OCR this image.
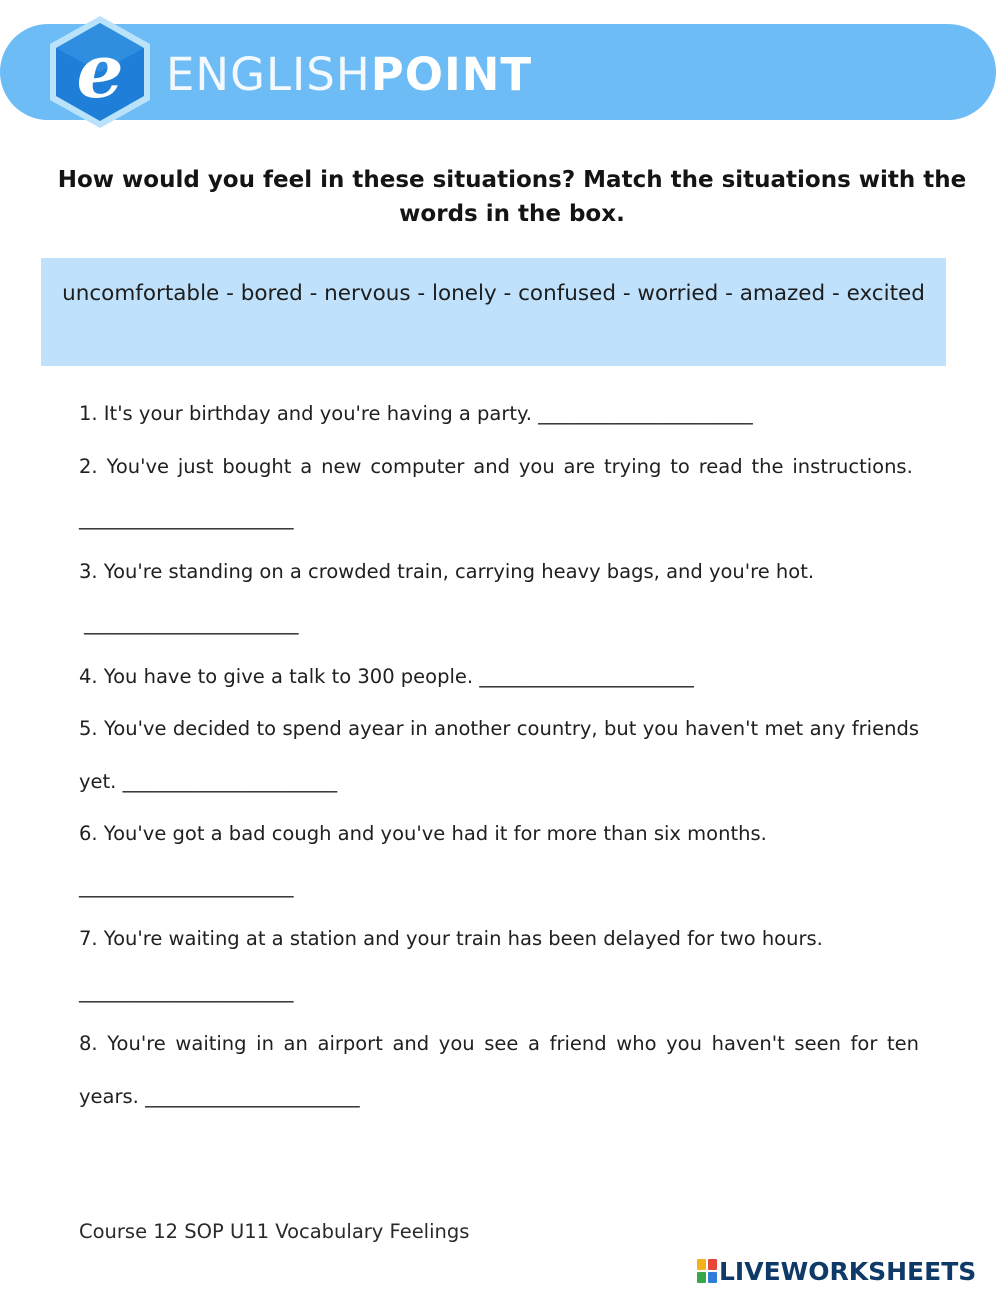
e ENGLISH POINT
How would you feel in these situations? Match the situations with the words in the box.
uncomfortable - bored - nervous - lonely - confused - worried - amazed - excited

1. It's your birthday and you're having a party. ______________________

2. You've just bought a new computer and you are trying to read the instructions.  ______________________

3. You're standing on a crowded train, carrying heavy bags, and you're hot.
______________________

4. You have to give a talk to 300 people. ______________________

5. You've decided to spend ayear in another country, but you haven't met any friends yet. ______________________

6. You've got a bad cough and you've had it for more than six months.
______________________

7. You're waiting at a station and your train has been delayed for two hours.
______________________

8. You're waiting in an airport and you see a friend who you haven't seen for ten years. ______________________

Course 12 SOP U11 Vocabulary Feelings
LIVEWORKSHEETS
